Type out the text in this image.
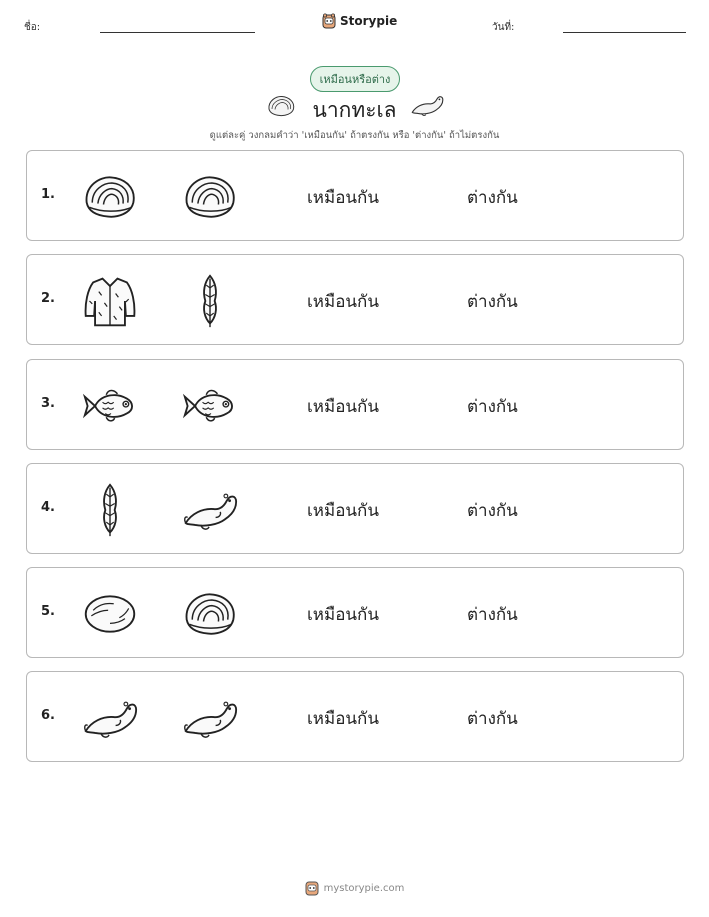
ชื่อ:	Storypie	วันที่:
เหมือนหรือต่าง
นากทะเล
ดูแต่ละคู่ วงกลมคำว่า 'เหมือนกัน' ถ้าตรงกัน หรือ 'ต่างกัน' ถ้าไม่ตรงกัน
1.	เหมือนกัน	ต่างกัน
2.	เหมือนกัน	ต่างกัน
3.	เหมือนกัน	ต่างกัน
4.	เหมือนกัน	ต่างกัน
5.	เหมือนกัน	ต่างกัน
6.	เหมือนกัน	ต่างกัน
mystorypie.com
